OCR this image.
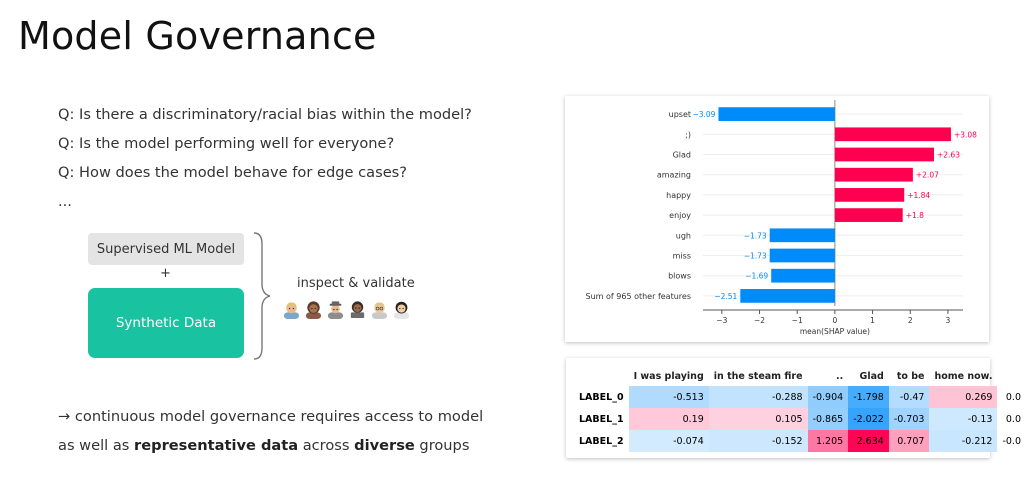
Model Governance
Q: Is there a discriminatory/racial bias within the model?
Q: Is the model performing well for everyone?
Q: How does the model behave for edge cases?
...
Supervised ML Model
+
Synthetic Data
inspect & validate
→ continuous model governance requires access to model
as well as representative data across diverse groups
upset −3.09
;)	+3.08
Glad	+2.63
amazing	+2.07
happy	+1.84
enjoy	+1.8
ugh	−1.73
miss	−1.73
blows	−1.69
Sum of 965 other features	−2.51
−3	−2	−1	0	1	2	3
mean(SHAP value)
	I was playing	in the steam fire	..	Glad	to be	home now.	
LABEL_0	-0.513	-0.288	-0.904	-1.798	-0.47	0.269	0.0
LABEL_1	0.19	0.105	-0.865	-2.022	-0.703	-0.13	0.0
LABEL_2	-0.074	-0.152	1.205	2.634	0.707	-0.212	-0.0
